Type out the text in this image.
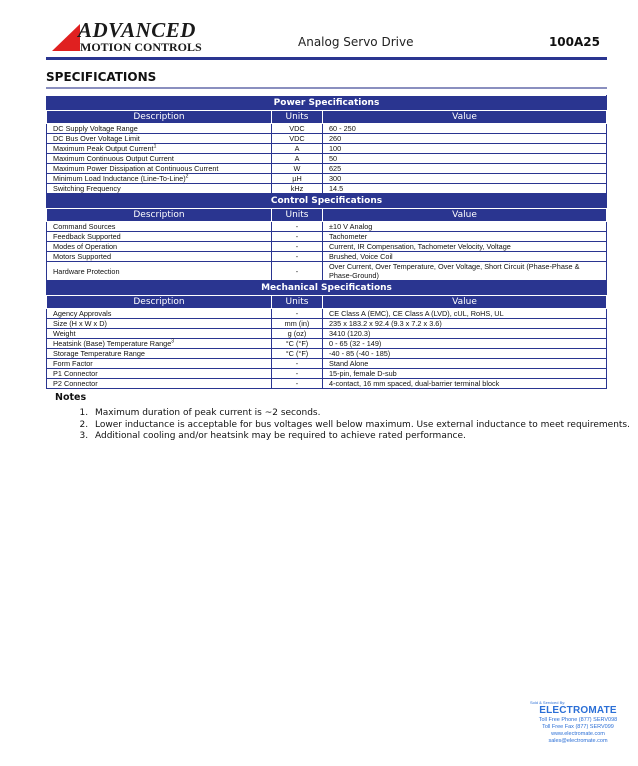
ADVANCED
MOTION CONTROLS	Analog Servo Drive	100A25
SPECIFICATIONS
Power Specifications		
Description	Units	Value
DC Supply Voltage Range	VDC	60 - 250
DC Bus Over Voltage Limit	VDC	260
Maximum Peak Output Current$^1$	A	100
Maximum Continuous Output Current	A	50
Maximum Power Dissipation at Continuous Current	W	625
Minimum Load Inductance (Line-To-Line)$^2$	µH	300
Switching Frequency	kHz	14.5
Control Specifications		
Description	Units	Value
Command Sources	-	±10 V Analog
Feedback Supported	-	Tachometer
Modes of Operation	-	Current, IR Compensation, Tachometer Velocity, Voltage
Motors Supported	-	Brushed, Voice Coil
Hardware Protection	-	Over Current, Over Temperature, Over Voltage, Short Circuit (Phase-Phase & Phase-Ground)
Mechanical Specifications		
Description	Units	Value
Agency Approvals	-	CE Class A (EMC), CE Class A (LVD), cUL, RoHS, UL
Size (H x W x D)	mm (in)	235 x 183.2 x 92.4 (9.3 x 7.2 x 3.6)
Weight	g (oz)	3410 (120.3)
Heatsink (Base) Temperature Range$^3$	°C (°F)	0 - 65 (32 - 149)
Storage Temperature Range	°C (°F)	-40 - 85 (-40 - 185)
Form Factor	-	Stand Alone
P1 Connector	-	15-pin, female D-sub
P2 Connector	-	4-contact, 16 mm spaced, dual-barrier terminal block
Notes
1. Maximum duration of peak current is ~2 seconds.
2. Lower inductance is acceptable for bus voltages well below maximum. Use external inductance to meet requirements.
3. Additional cooling and/or heatsink may be required to achieve rated performance.
Sold & Serviced By:
ELECTROMATE
Toll Free Phone (877) SERV098
Toll Free Fax (877) SERV099
www.electromate.com
sales@electromate.com
